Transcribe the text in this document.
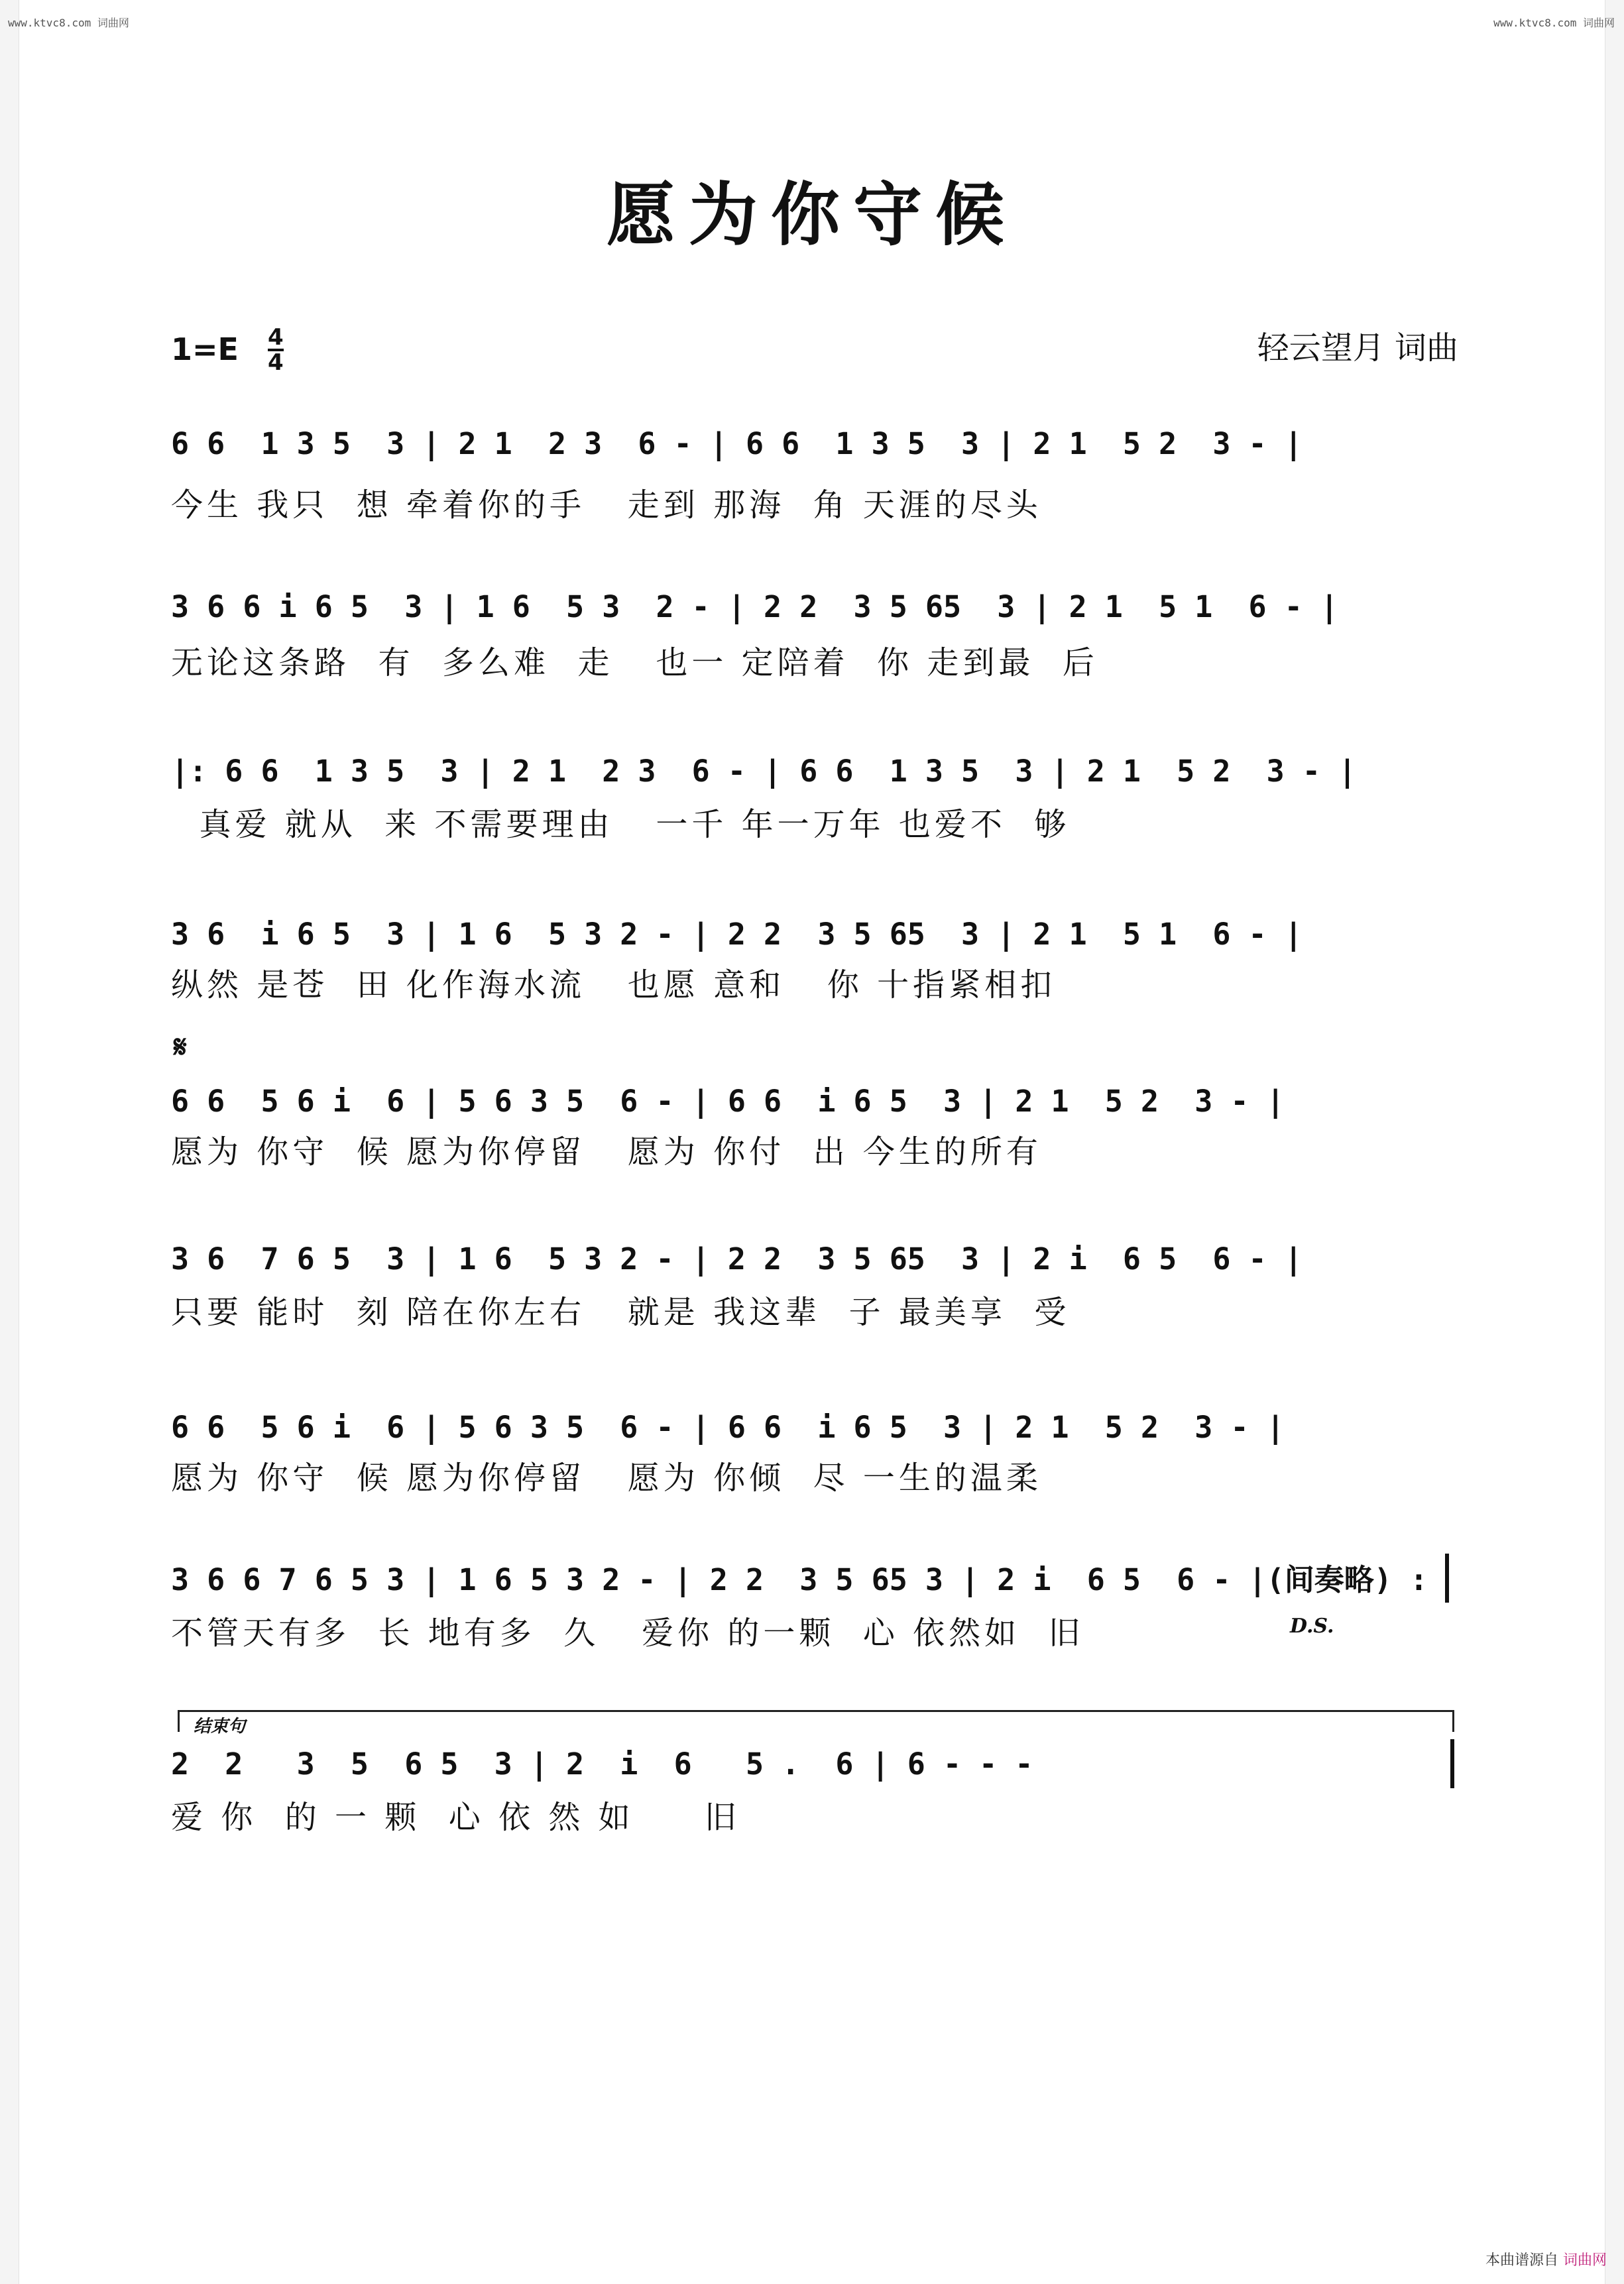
www.ktvc8.com 词曲网	www.ktvc8.com 词曲网
愿为你守候
$1=E \frac{4}{4}$	轻云望月 词曲
6 6  1 3 5  3 | 2 1  2 3  6 - | 6 6  1 3 5  3 | 2 1  5 2  3 - |
今生 我只  想 牵着你的手   走到 那海  角 天涯的尽头
3 6 6 i 6 5  3 | 1 6  5 3  2 - | 2 2  3 5 65  3 | 2 1  5 1  6 - |
无论这条路  有  多么难  走   也一 定陪着  你 走到最  后
|: 6 6  1 3 5  3 | 2 1  2 3  6 - | 6 6  1 3 5  3 | 2 1  5 2  3 - |
真爱 就从  来 不需要理由   一千 年一万年 也爱不  够
3 6  i 6 5  3 | 1 6  5 3 2 - | 2 2  3 5 65  3 | 2 1  5 1  6 - |
纵然 是苍  田 化作海水流   也愿 意和   你 十指紧相扣
𝄋
6 6  5 6 i  6 | 5 6 3 5  6 - | 6 6  i 6 5  3 | 2 1  5 2  3 - |
愿为 你守  候 愿为你停留   愿为 你付  出 今生的所有
3 6  7 6 5  3 | 1 6  5 3 2 - | 2 2  3 5 65  3 | 2 i  6 5  6 - |
只要 能时  刻 陪在你左右   就是 我这辈  子 最美享  受
6 6  5 6 i  6 | 5 6 3 5  6 - | 6 6  i 6 5  3 | 2 1  5 2  3 - |
愿为 你守  候 愿为你停留   愿为 你倾  尽 一生的温柔
3 6 6 7 6 5 3 | 1 6 5 3 2 - | 2 2  3 5 65 3 | 2 i  6 5  6 - |(间奏略) :
不管天有多  长 地有多  久   爱你 的一颗  心 依然如  旧	D.S.
结束句
2  2   3  5  6 5  3 | 2  i  6   5 .  6 | 6 - - -
爱 你  的 一 颗  心 依 然 如     旧
本曲谱源自 词曲网
